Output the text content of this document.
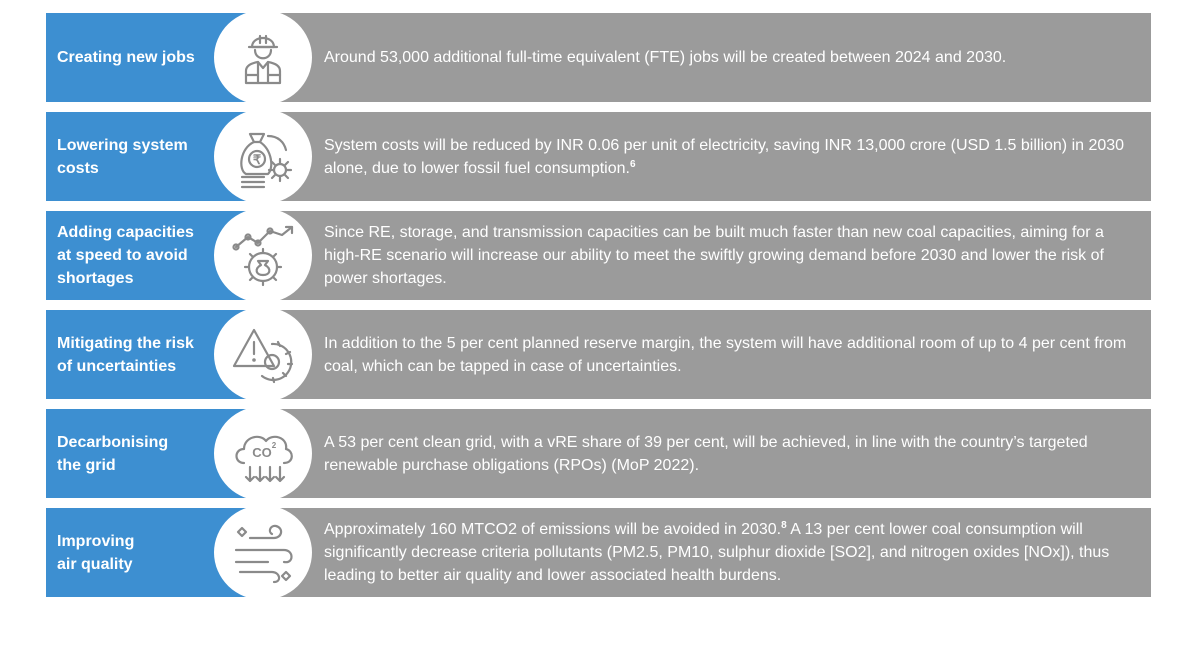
Creating new jobs	Around 53,000 additional full-time equivalent (FTE) jobs will be created between 2024 and 2030.
Lowering system
costs
System costs will be reduced by INR 0.06 per unit of electricity, saving INR 13,000 crore (USD 1.5 billion) in 2030 alone, due to lower fossil fuel consumption.$^6$
₹
Adding capacities
at speed to avoid
shortages
Since RE, storage, and transmission capacities can be built much faster than new coal capacities, aiming for a high-RE scenario will increase our ability to meet the swiftly growing demand before 2030 and lower the risk of power shortages.
Mitigating the risk
of uncertainties
In addition to the 5 per cent planned reserve margin, the system will have additional room of up to 4 per cent from coal, which can be tapped in case of uncertainties.
Decarbonising
the grid
A 53 per cent clean grid, with a vRE share of 39 per cent, will be achieved, in line with the country’s targeted renewable purchase obligations (RPOs) (MoP 2022).
CO 2
Improving
air quality
Approximately 160 MTCO2 of emissions will be avoided in 2030.$^8$ A 13 per cent lower coal consumption will significantly decrease criteria pollutants (PM2.5, PM10, sulphur dioxide [SO2], and nitrogen oxides [NOx]), thus leading to better air quality and lower associated health burdens.
